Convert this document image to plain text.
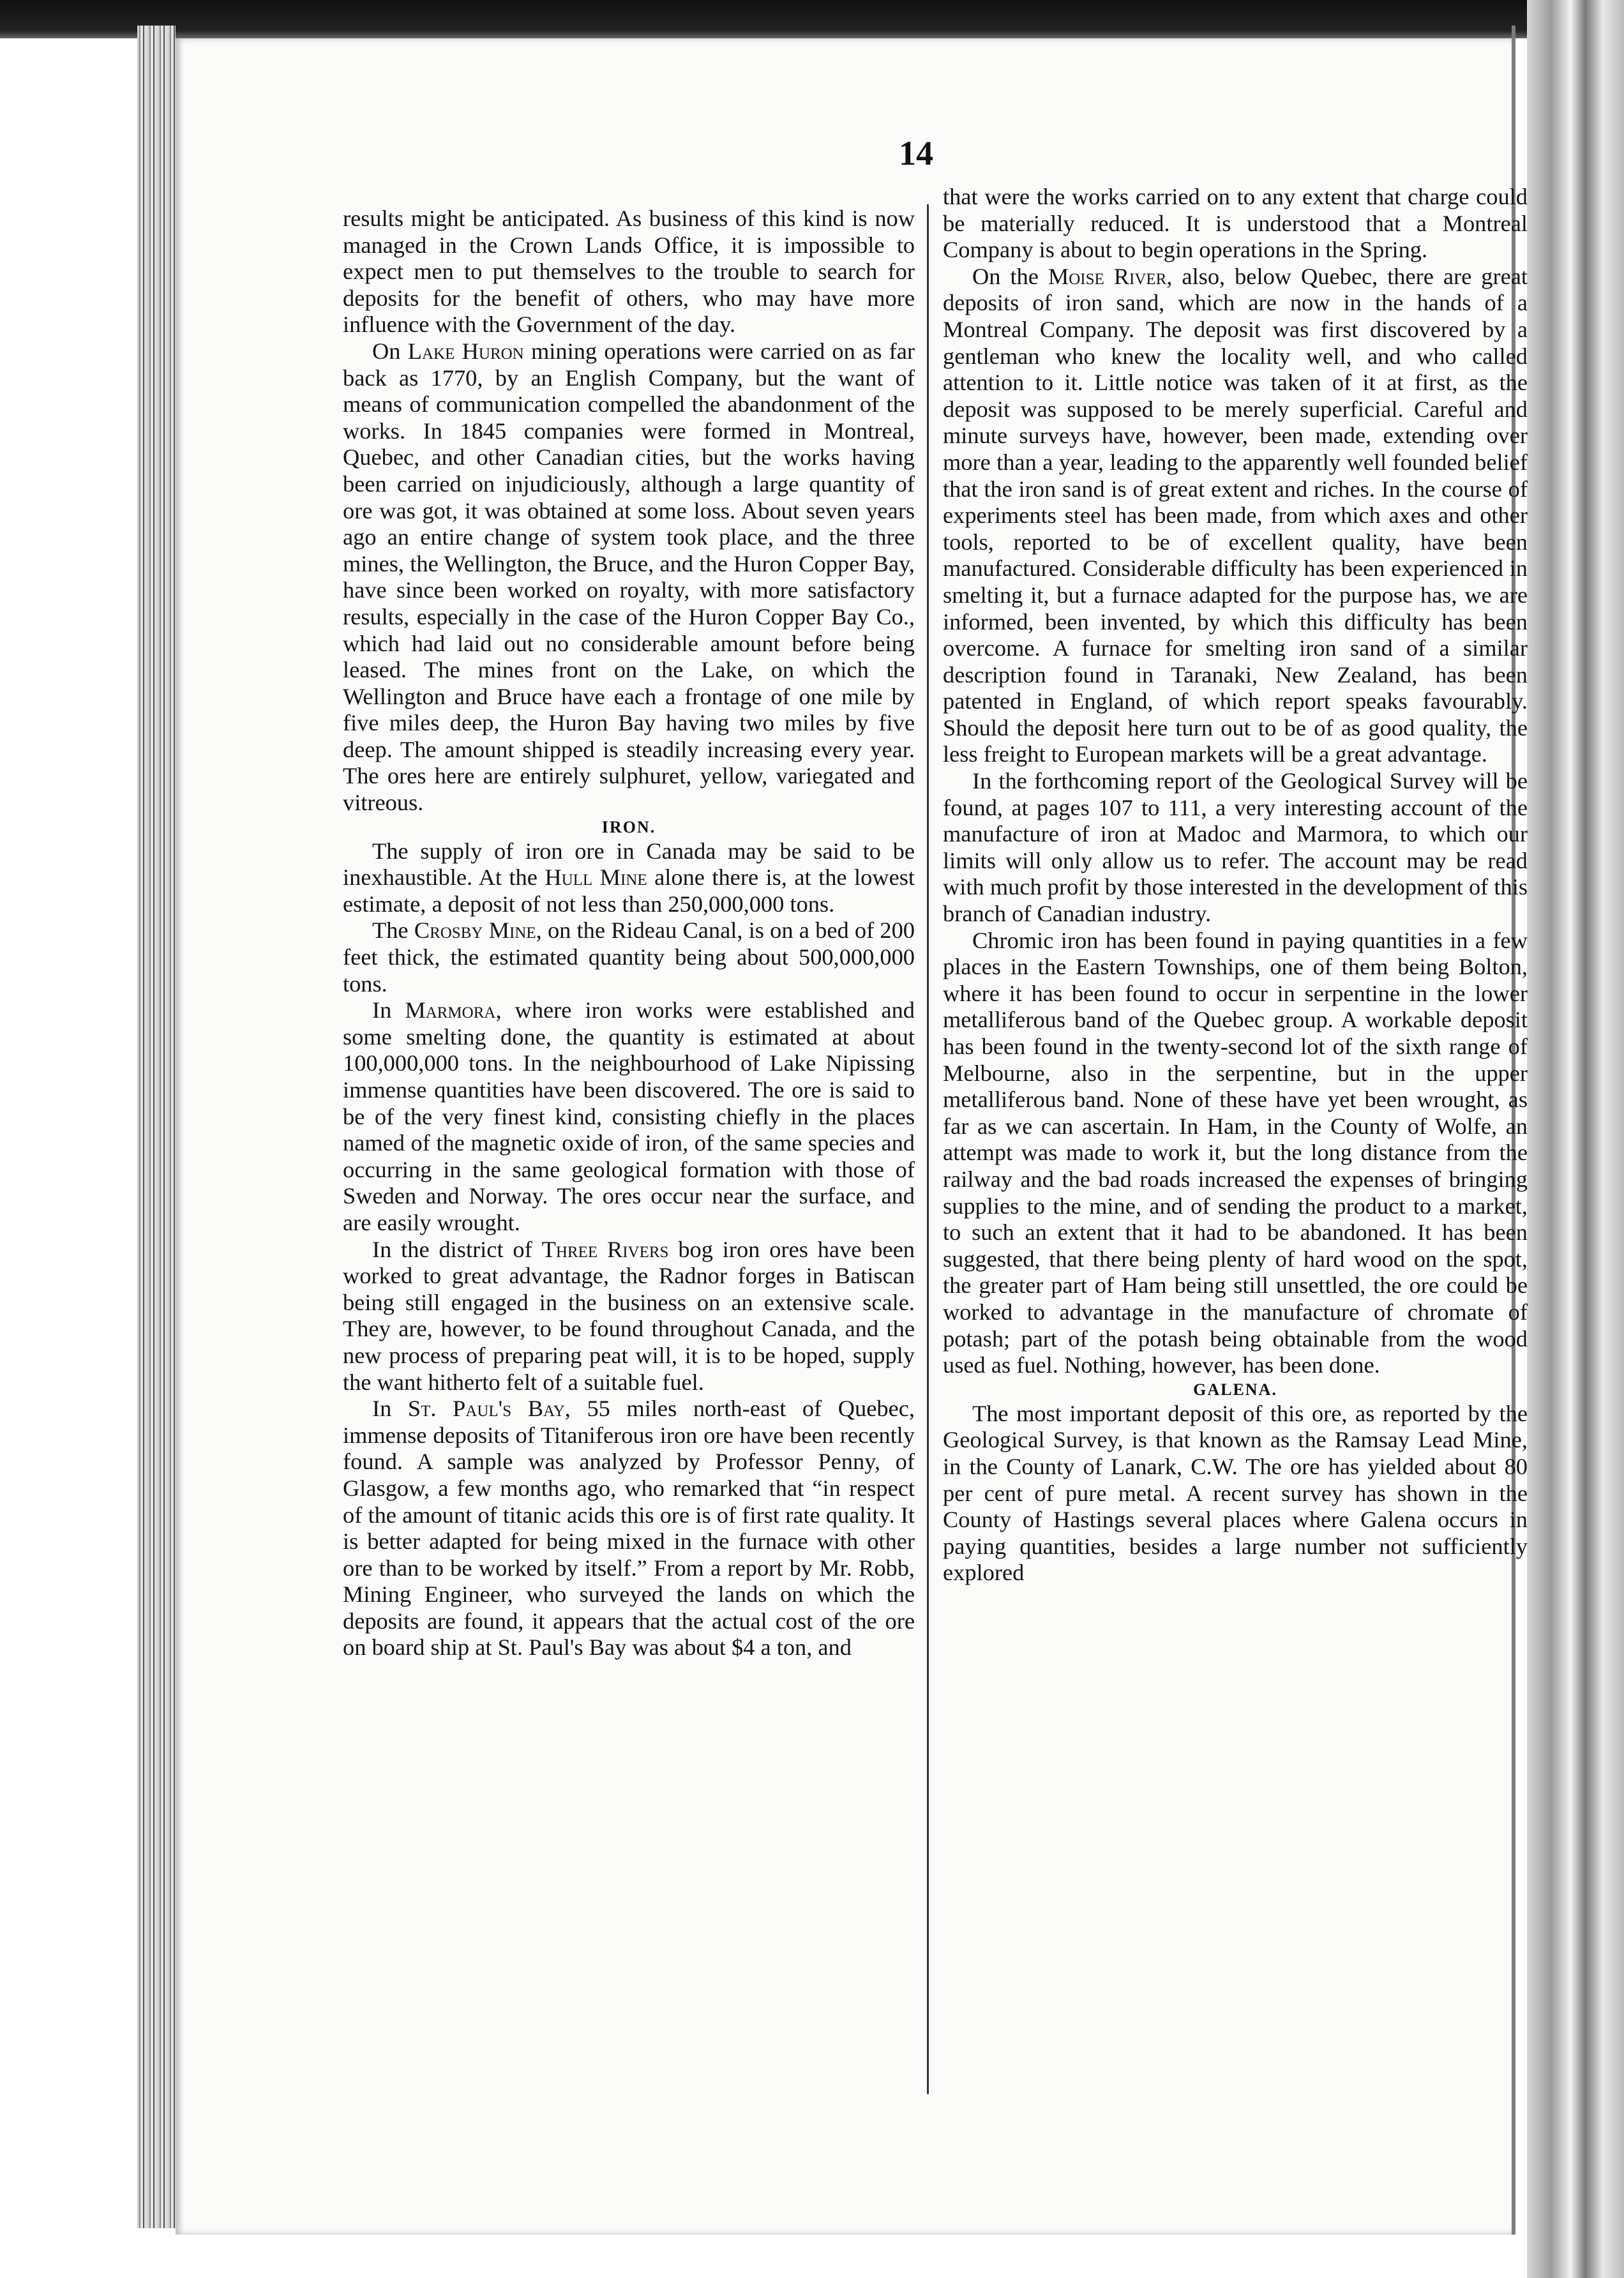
14

results might be anticipated. As business of this kind is now managed in the Crown Lands Office, it is impossible to expect men to put themselves to the trouble to search for deposits for the benefit of others, who may have more influence with the Government of the day.

On Lake Huron mining operations were carried on as far back as 1770, by an English Company, but the want of means of communication compelled the abandonment of the works. In 1845 companies were formed in Montreal, Quebec, and other Canadian cities, but the works having been carried on injudiciously, although a large quantity of ore was got, it was obtained at some loss. About seven years ago an entire change of system took place, and the three mines, the Wellington, the Bruce, and the Huron Copper Bay, have since been worked on royalty, with more satisfactory results, especially in the case of the Huron Copper Bay Co., which had laid out no considerable amount before being leased. The mines front on the Lake, on which the Wellington and Bruce have each a frontage of one mile by five miles deep, the Huron Bay having two miles by five deep. The amount shipped is steadily increasing every year. The ores here are entirely sulphuret, yellow, variegated and vitreous.

IRON.

The supply of iron ore in Canada may be said to be inexhaustible. At the Hull Mine alone there is, at the lowest estimate, a deposit of not less than 250,000,000 tons.

The Crosby Mine, on the Rideau Canal, is on a bed of 200 feet thick, the estimated quantity being about 500,000,000 tons.

In Marmora, where iron works were established and some smelting done, the quantity is estimated at about 100,000,000 tons. In the neighbourhood of Lake Nipissing immense quantities have been discovered. The ore is said to be of the very finest kind, consisting chiefly in the places named of the magnetic oxide of iron, of the same species and occurring in the same geological formation with those of Sweden and Norway. The ores occur near the surface, and are easily wrought.

In the district of Three Rivers bog iron ores have been worked to great advantage, the Radnor forges in Batiscan being still engaged in the business on an extensive scale. They are, however, to be found throughout Canada, and the new process of preparing peat will, it is to be hoped, supply the want hitherto felt of a suitable fuel.

In St. Paul's Bay, 55 miles north-east of Quebec, immense deposits of Titaniferous iron ore have been recently found. A sample was analyzed by Professor Penny, of Glasgow, a few months ago, who remarked that “in respect of the amount of titanic acids this ore is of first rate quality. It is better adapted for being mixed in the furnace with other ore than to be worked by itself.” From a report by Mr. Robb, Mining Engineer, who surveyed the lands on which the deposits are found, it appears that the actual cost of the ore on board ship at St. Paul's Bay was about $4 a ton, and

that were the works carried on to any extent that charge could be materially reduced. It is understood that a Montreal Company is about to begin operations in the Spring.

On the Moise River, also, below Quebec, there are great deposits of iron sand, which are now in the hands of a Montreal Company. The deposit was first discovered by a gentleman who knew the locality well, and who called attention to it. Little notice was taken of it at first, as the deposit was supposed to be merely superficial. Careful and minute surveys have, however, been made, extending over more than a year, leading to the apparently well founded belief that the iron sand is of great extent and riches. In the course of experiments steel has been made, from which axes and other tools, reported to be of excellent quality, have been manufactured. Considerable difficulty has been experienced in smelting it, but a furnace adapted for the purpose has, we are informed, been invented, by which this difficulty has been overcome. A furnace for smelting iron sand of a similar description found in Taranaki, New Zealand, has been patented in England, of which report speaks favourably. Should the deposit here turn out to be of as good quality, the less freight to European markets will be a great advantage.

In the forthcoming report of the Geological Survey will be found, at pages 107 to 111, a very interesting account of the manufacture of iron at Madoc and Marmora, to which our limits will only allow us to refer. The account may be read with much profit by those interested in the development of this branch of Canadian industry.

Chromic iron has been found in paying quantities in a few places in the Eastern Townships, one of them being Bolton, where it has been found to occur in serpentine in the lower metalliferous band of the Quebec group. A workable deposit has been found in the twenty-second lot of the sixth range of Melbourne, also in the serpentine, but in the upper metalliferous band. None of these have yet been wrought, as far as we can ascertain. In Ham, in the County of Wolfe, an attempt was made to work it, but the long distance from the railway and the bad roads increased the expenses of bringing supplies to the mine, and of sending the product to a market, to such an extent that it had to be abandoned. It has been suggested, that there being plenty of hard wood on the spot, the greater part of Ham being still unsettled, the ore could be worked to advantage in the manufacture of chromate of potash; part of the potash being obtainable from the wood used as fuel. Nothing, however, has been done.

GALENA.

The most important deposit of this ore, as reported by the Geological Survey, is that known as the Ramsay Lead Mine, in the County of Lanark, C.W. The ore has yielded about 80 per cent of pure metal. A recent survey has shown in the County of Hastings several places where Galena occurs in paying quantities, besides a large number not sufficiently explored
